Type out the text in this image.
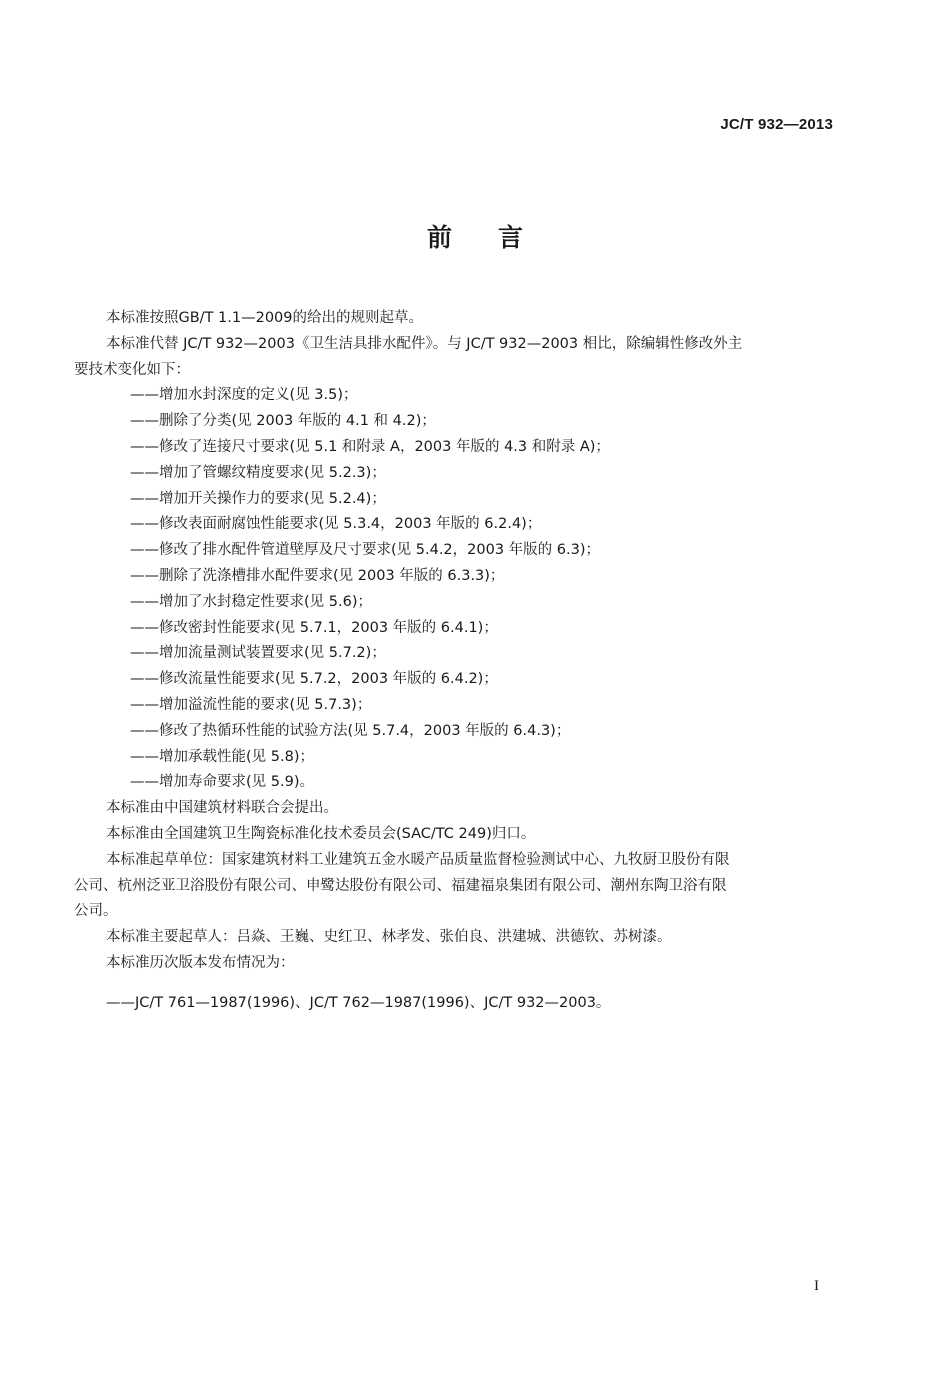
JC/T 932—2013
前言

本标准按照GB/T 1.1—2009的给出的规则起草。

本标准代替 JC/T 932—2003《卫生洁具排水配件》。与 JC/T 932—2003 相比，除编辑性修改外主

要技术变化如下：

——增加水封深度的定义(见 3.5)；
——删除了分类(见 2003 年版的 4.1 和 4.2)；
——修改了连接尺寸要求(见 5.1 和附录 A，2003 年版的 4.3 和附录 A)；
——增加了管螺纹精度要求(见 5.2.3)；
——增加开关操作力的要求(见 5.2.4)；
——修改表面耐腐蚀性能要求(见 5.3.4，2003 年版的 6.2.4)；
——修改了排水配件管道壁厚及尺寸要求(见 5.4.2，2003 年版的 6.3)；
——删除了洗涤槽排水配件要求(见 2003 年版的 6.3.3)；
——增加了水封稳定性要求(见 5.6)；
——修改密封性能要求(见 5.7.1，2003 年版的 6.4.1)；
——增加流量测试装置要求(见 5.7.2)；
——修改流量性能要求(见 5.7.2，2003 年版的 6.4.2)；
——增加溢流性能的要求(见 5.7.3)；
——修改了热循环性能的试验方法(见 5.7.4，2003 年版的 6.4.3)；
——增加承载性能(见 5.8)；
——增加寿命要求(见 5.9)。

本标准由中国建筑材料联合会提出。

本标准由全国建筑卫生陶瓷标准化技术委员会(SAC/TC 249)归口。

本标准起草单位：国家建筑材料工业建筑五金水暖产品质量监督检验测试中心、九牧厨卫股份有限

公司、杭州泛亚卫浴股份有限公司、申鹭达股份有限公司、福建福泉集团有限公司、潮州东陶卫浴有限

公司。

本标准主要起草人：吕焱、王巍、史红卫、林孝发、张伯良、洪建城、洪德钦、苏树漆。

本标准历次版本发布情况为：

——JC/T 761—1987(1996)、JC/T 762—1987(1996)、JC/T 932—2003。

I
